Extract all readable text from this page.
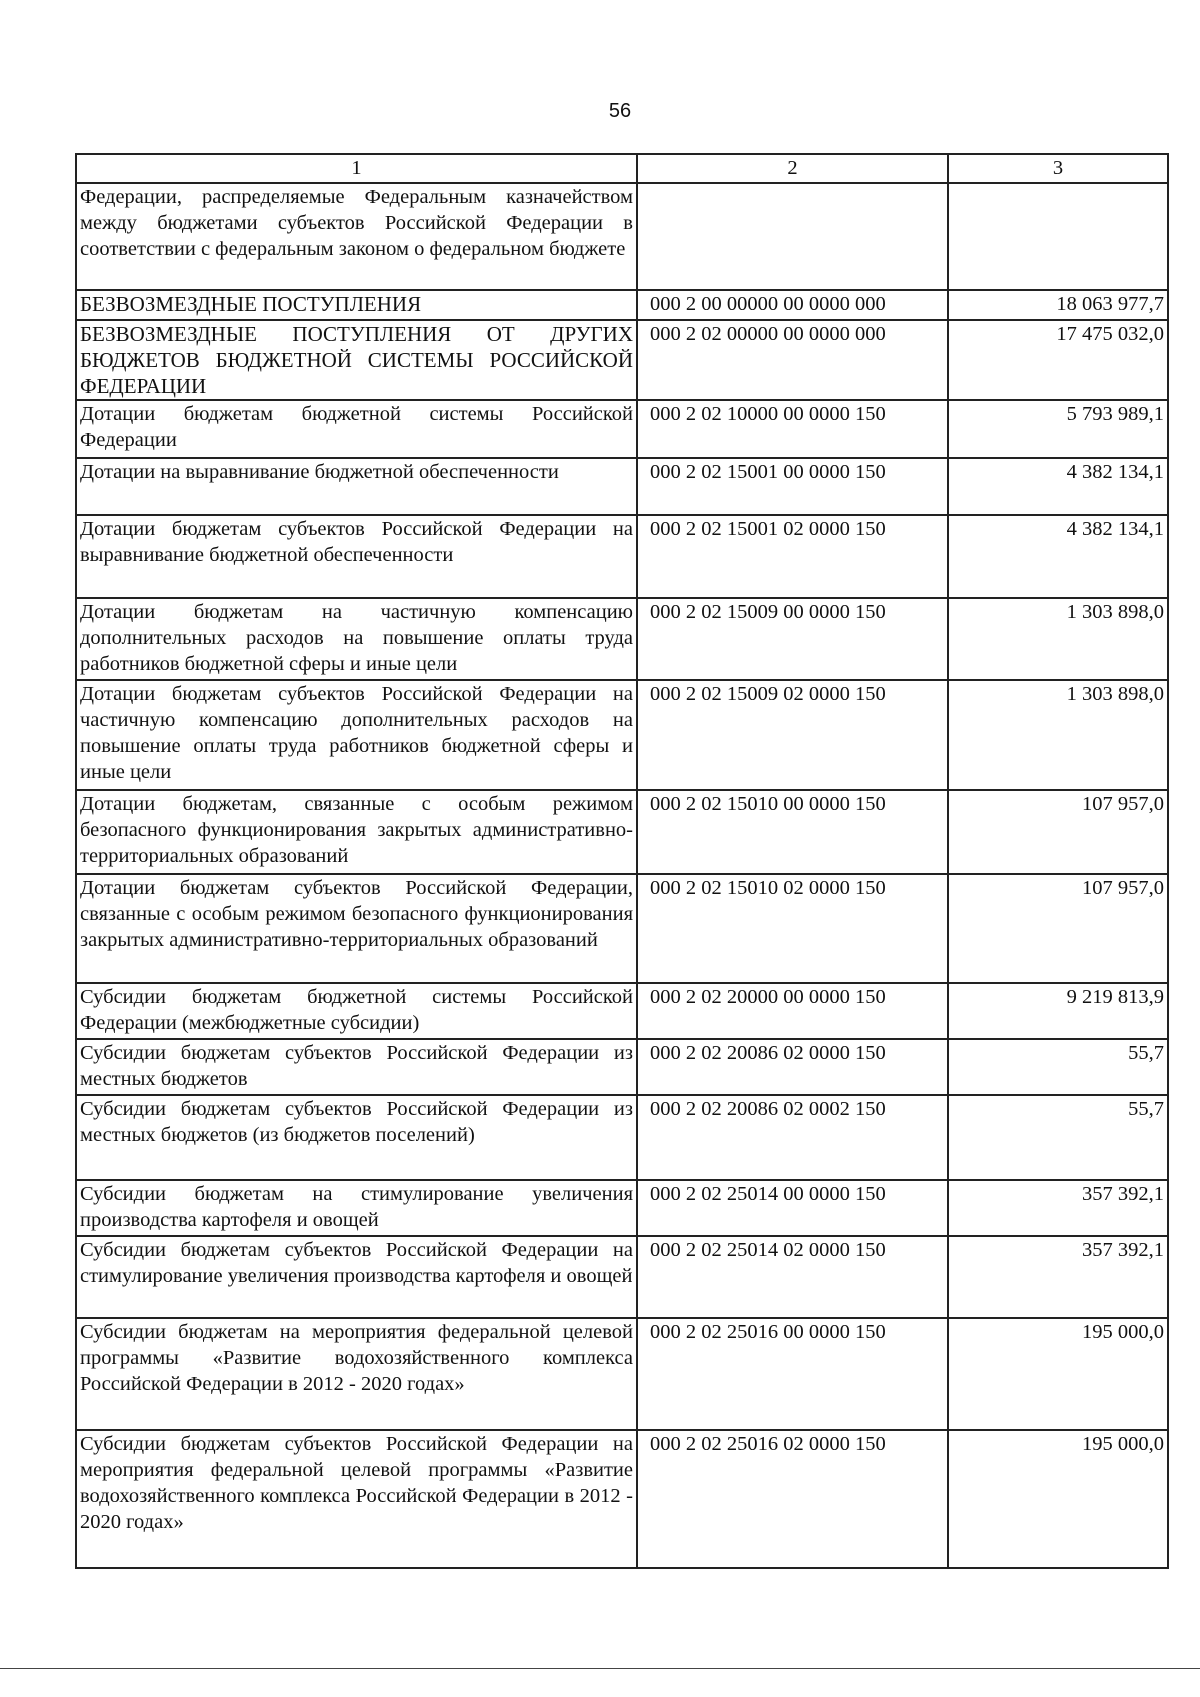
56
1	2	3
Федерации, распределяемые Федеральным казначейством между бюджетами субъектов Российской Федерации в соответствии с федеральным законом о федеральном бюджете		
БЕЗВОЗМЕЗДНЫЕ ПОСТУПЛЕНИЯ	000 2 00 00000 00 0000 000	18 063 977,7
БЕЗВОЗМЕЗДНЫЕ ПОСТУПЛЕНИЯ ОТ ДРУГИХ БЮДЖЕТОВ БЮДЖЕТНОЙ СИСТЕМЫ РОССИЙСКОЙ ФЕДЕРАЦИИ	000 2 02 00000 00 0000 000	17 475 032,0
Дотации бюджетам бюджетной системы Российской Федерации	000 2 02 10000 00 0000 150	5 793 989,1
Дотации на выравнивание бюджетной обеспеченности	000 2 02 15001 00 0000 150	4 382 134,1
Дотации бюджетам субъектов Российской Федерации на выравнивание бюджетной обеспеченности	000 2 02 15001 02 0000 150	4 382 134,1
Дотации бюджетам на частичную компенсацию дополнительных расходов на повышение оплаты труда работников бюджетной сферы и иные цели	000 2 02 15009 00 0000 150	1 303 898,0
Дотации бюджетам субъектов Российской Федерации на частичную компенсацию дополнительных расходов на повышение оплаты труда работников бюджетной сферы и иные цели	000 2 02 15009 02 0000 150	1 303 898,0
Дотации бюджетам, связанные с особым режимом безопасного функционирования закрытых административно-территориальных образований	000 2 02 15010 00 0000 150	107 957,0
Дотации бюджетам субъектов Российской Федерации, связанные с особым режимом безопасного функционирования закрытых административно-территориальных образований	000 2 02 15010 02 0000 150	107 957,0
Субсидии бюджетам бюджетной системы Российской Федерации (межбюджетные субсидии)	000 2 02 20000 00 0000 150	9 219 813,9
Субсидии бюджетам субъектов Российской Федерации из местных бюджетов	000 2 02 20086 02 0000 150	55,7
Субсидии бюджетам субъектов Российской Федерации из местных бюджетов (из бюджетов поселений)	000 2 02 20086 02 0002 150	55,7
Субсидии бюджетам на стимулирование увеличения производства картофеля и овощей	000 2 02 25014 00 0000 150	357 392,1
Субсидии бюджетам субъектов Российской Федерации на стимулирование увеличения производства картофеля и овощей	000 2 02 25014 02 0000 150	357 392,1
Субсидии бюджетам на мероприятия федеральной целевой программы «Развитие водохозяйственного комплекса Российской Федерации в 2012 - 2020 годах»	000 2 02 25016 00 0000 150	195 000,0
Субсидии бюджетам субъектов Российской Федерации на мероприятия федеральной целевой программы «Развитие водохозяйственного комплекса Российской Федерации в 2012 - 2020 годах»	000 2 02 25016 02 0000 150	195 000,0
